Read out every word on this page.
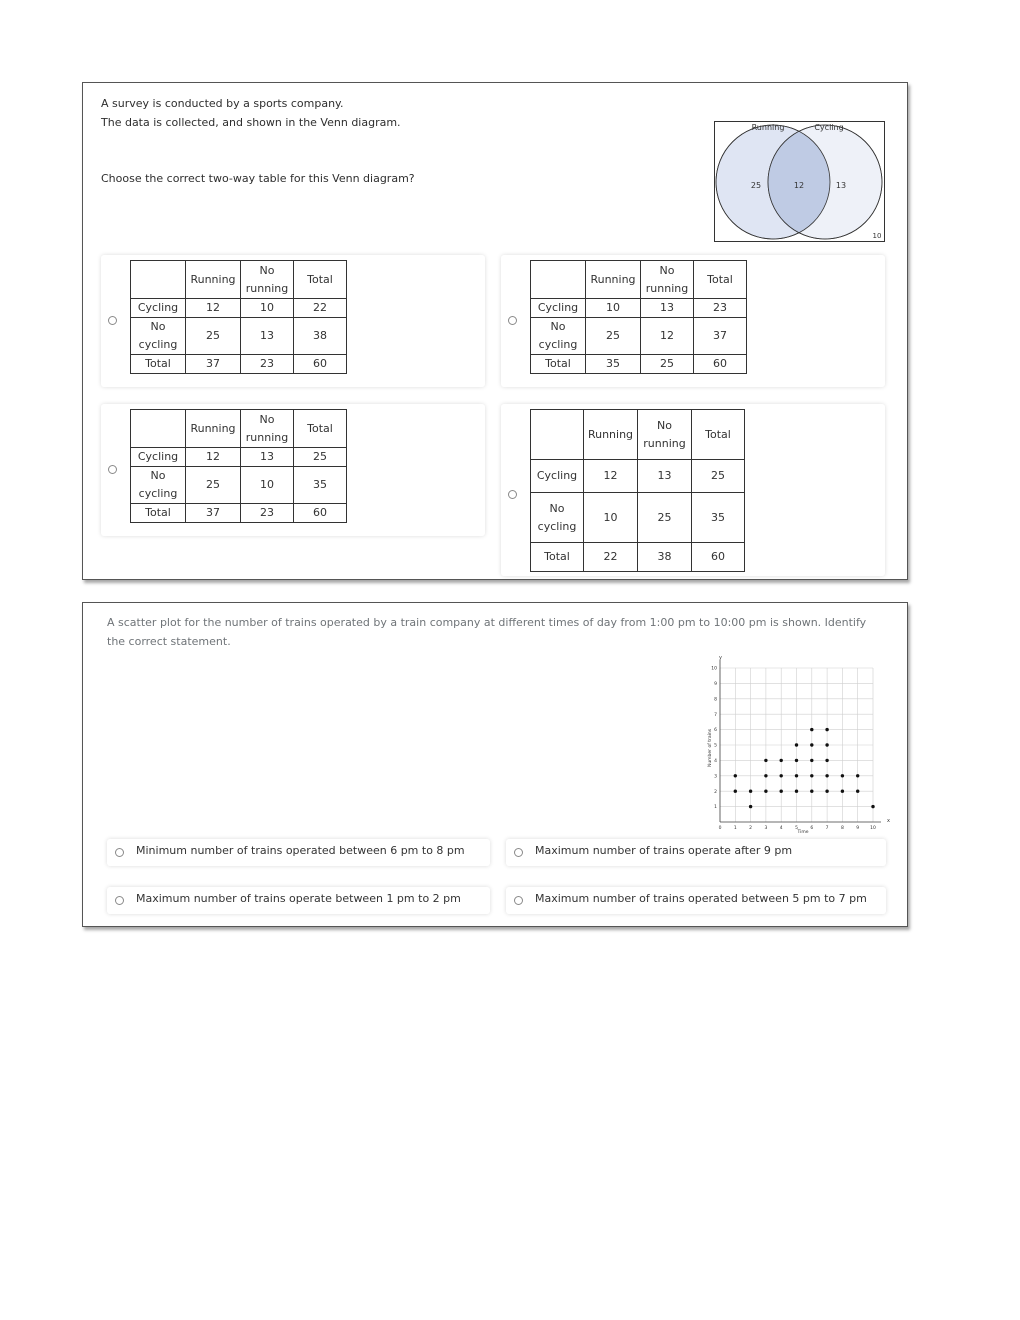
A survey is conducted by a sports company.
The data is collected, and shown in the Venn diagram.
Choose the correct two-way table for this Venn diagram?
Running	Cycling
25	12	13
10
	Running	No running	Total
Cycling	12	10	22
No cycling	25	13	38
Total	37	23	60
	Running	No running	Total
Cycling	10	13	23
No cycling	25	12	37
Total	35	25	60
	Running	No running	Total
Cycling	12	13	25
No cycling	25	10	35
Total	37	23	60
	Running	No running	Total
Cycling	12	13	25
No cycling	10	25	35
Total	22	38	60
A scatter plot for the number of trains operated by a train company at different times of day from 1:00 pm to 10:00 pm is shown. Identify the correct statement.
0	1	2	3	4	5	6	7	8	9 10
1
2
3
4
5
6
7
8
9
10
Time
Number of trains
x
y
Minimum number of trains operated between 6 pm to 8 pm	Maximum number of trains operate after 9 pm
Maximum number of trains operate between 1 pm to 2 pm	Maximum number of trains operated between 5 pm to 7 pm
